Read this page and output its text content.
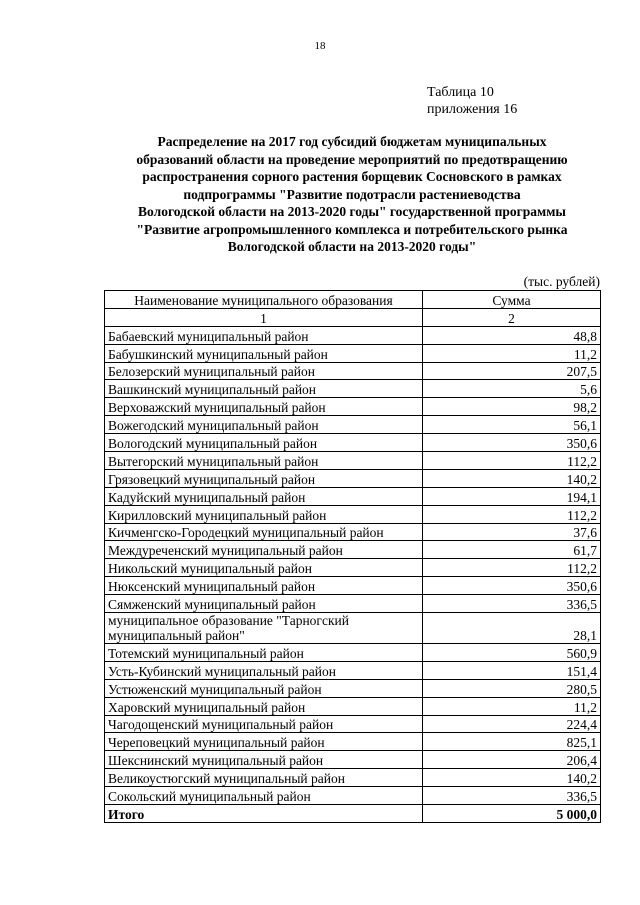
18
Таблица 10
приложения 16
Распределение на 2017 год субсидий бюджетам муниципальных
образований области на проведение мероприятий по предотвращению
распространения сорного растения борщевик Сосновского в рамках
подпрограммы "Развитие подотрасли растениеводства
Вологодской области на 2013-2020 годы" государственной программы
"Развитие агропромышленного комплекса и потребительского рынка
Вологодской области на 2013-2020 годы"
(тыс. рублей)
Наименование муниципального образования	Сумма
1	2
Бабаевский муниципальный район	48,8
Бабушкинский муниципальный район	11,2
Белозерский муниципальный район	207,5
Вашкинский муниципальный район	5,6
Верховажский муниципальный район	98,2
Вожегодский муниципальный район	56,1
Вологодский муниципальный район	350,6
Вытегорский муниципальный район	112,2
Грязовецкий муниципальный район	140,2
Кадуйский муниципальный район	194,1
Кирилловский муниципальный район	112,2
Кичменгско-Городецкий муниципальный район	37,6
Междуреченский муниципальный район	61,7
Никольский муниципальный район	112,2
Нюксенский муниципальный район	350,6
Сямженский муниципальный район	336,5

муниципальное образование "Тарногский
муниципальный район"	28,1
Тотемский муниципальный район	560,9
Усть-Кубинский муниципальный район	151,4
Устюженский муниципальный район	280,5
Харовский муниципальный район	11,2
Чагодощенский муниципальный район	224,4
Череповецкий муниципальный район	825,1
Шекснинский муниципальный район	206,4
Великоустюгский муниципальный район	140,2
Сокольский муниципальный район	336,5
Итого	5 000,0
